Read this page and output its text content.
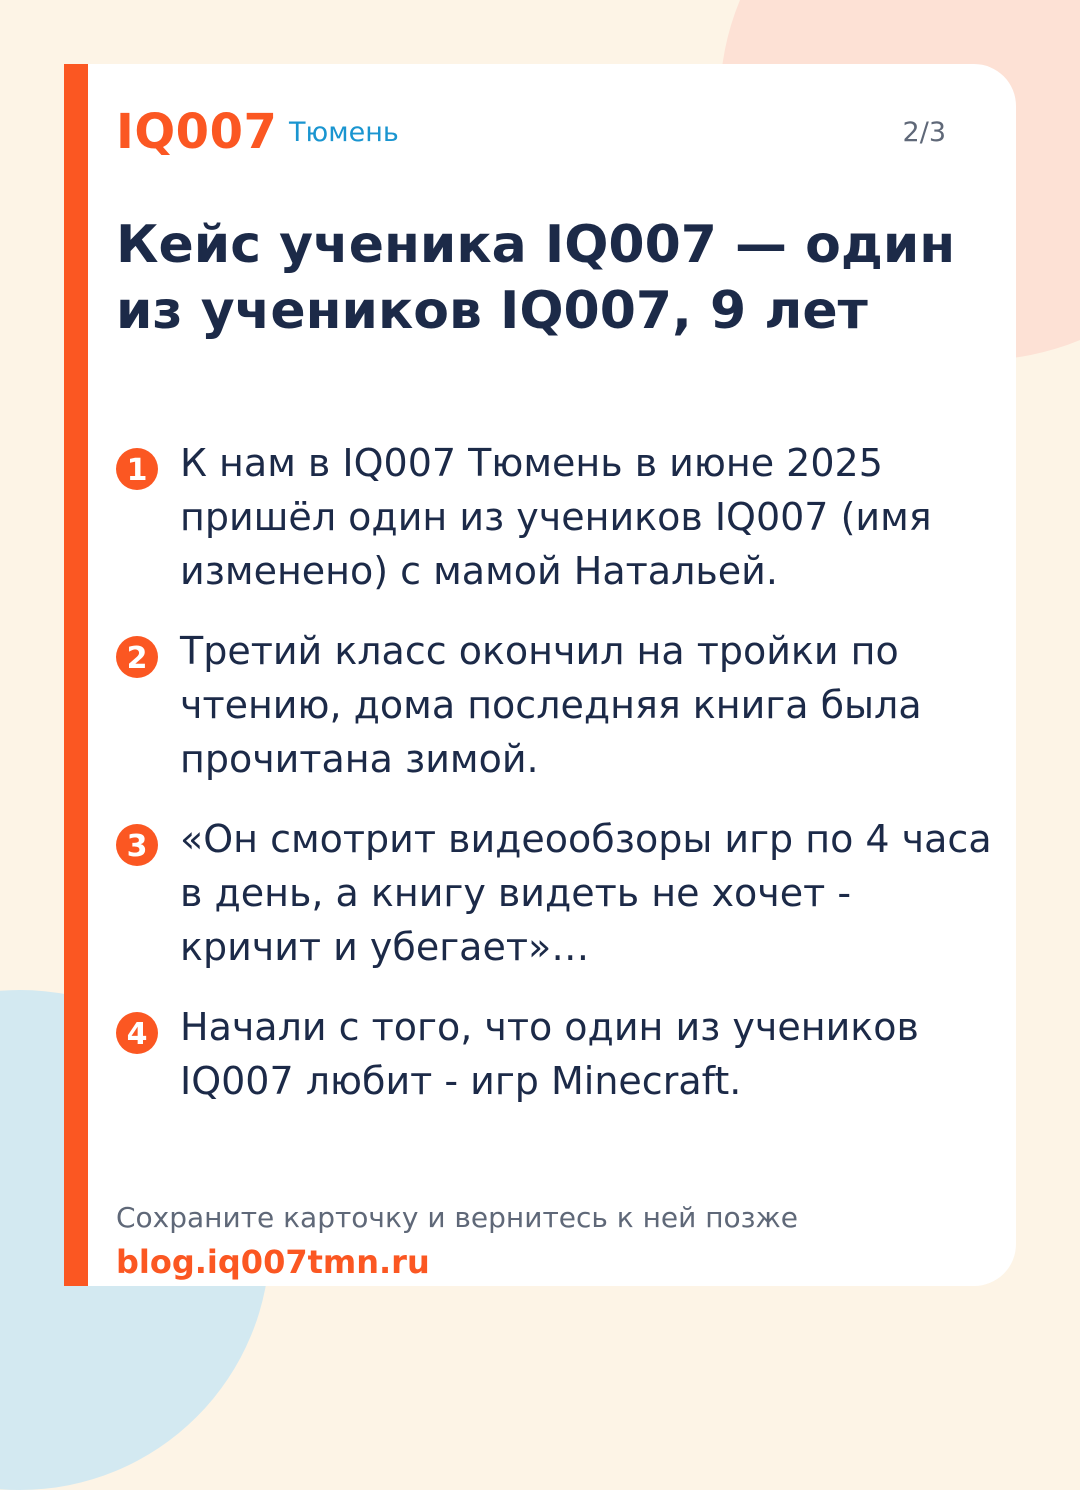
IQ007 Тюмень	2/3
Кейс ученика IQ007 — один из учеников IQ007, 9 лет
1 К нам в IQ007 Тюмень в июне 2025 пришёл один из учеников IQ007 (имя изменено) с мамой Натальей.
2 Третий класс окончил на тройки по чтению, дома последняя книга была прочитана зимой.
3 «Он смотрит видеообзоры игр по 4 часа в день, а книгу видеть не хочет - кричит и убегает»…
4 Начали с того, что один из учеников IQ007 любит - игр Minecraft.
Сохраните карточку и вернитесь к ней позже
blog.iq007tmn.ru
